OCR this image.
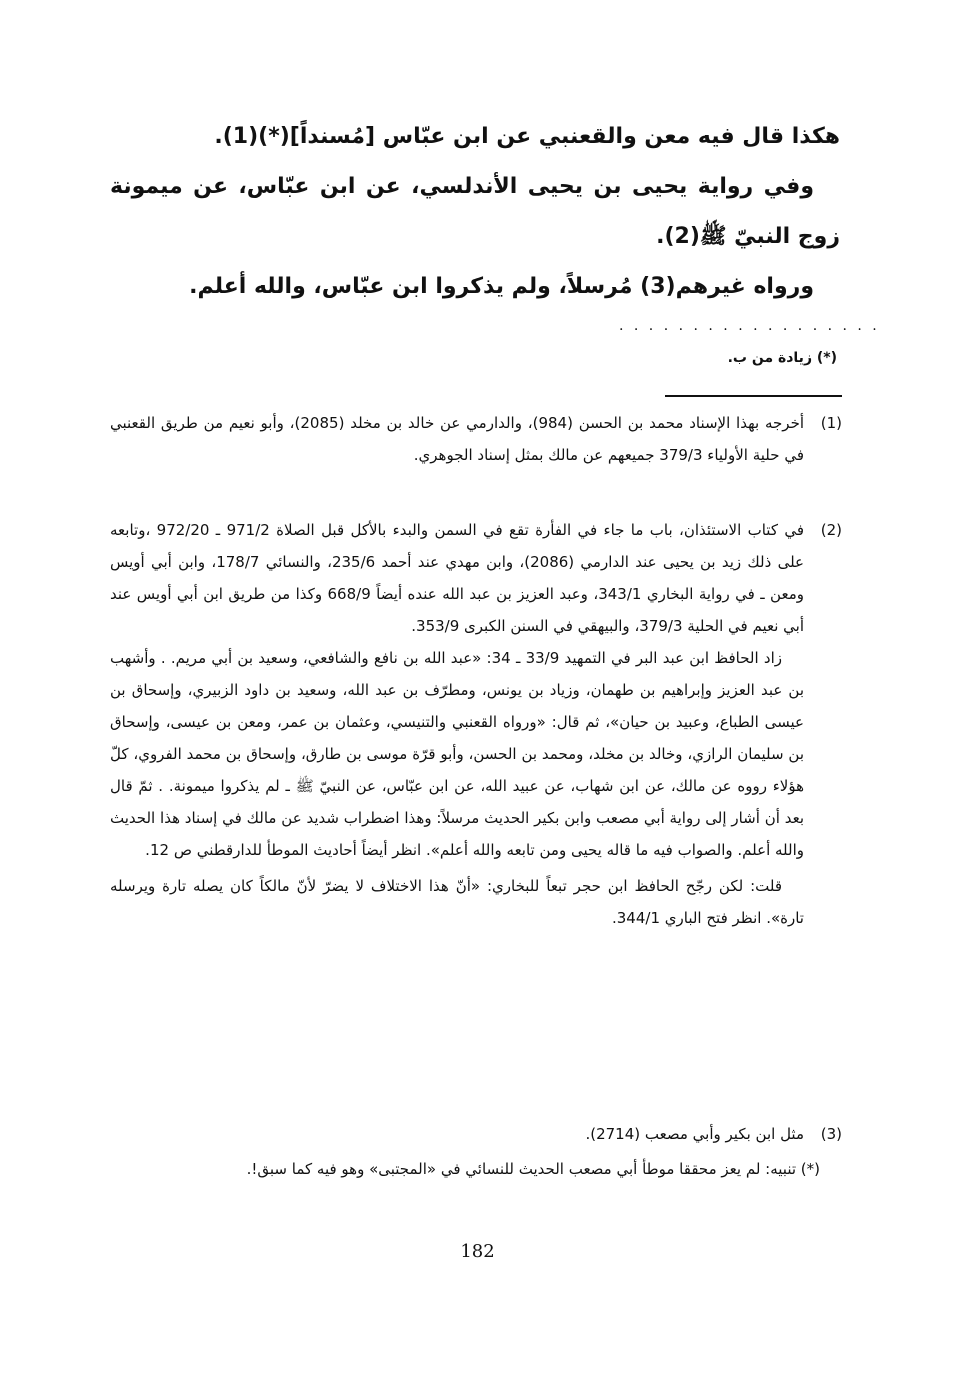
هكذا قال فيه معن والقعنبي عن ابن عبّاس [مُسنداً](*)(1).

وفي رواية يحيى بن يحيى الأندلسي، عن ابن عبّاس، عن ميمونة زوج النبيّ ﷺ(2).

ورواه غيرهم(3) مُرسلاً، ولم يذكروا ابن عبّاس، والله أعلم.

. . . . . . . . . . . . . . . . . .

(*) زيادة من ب.

(1)

أخرجه بهذا الإسناد محمد بن الحسن (984)، والدارمي عن خالد بن مخلد (2085)، وأبو نعيم من طريق القعنبي في حلية الأولياء 379/3 جميعهم عن مالك بمثل إسناد الجوهري.

(2)

في كتاب الاستئذان، باب ما جاء في الفأرة تقع في السمن والبدء بالأكل قبل الصلاة 971/2 ـ 972/20 ،وتابعه على ذلك زيد بن يحيى عند الدارمي (2086)، وابن مهدي عند أحمد 235/6، والنسائي 178/7، وابن أبي أويس ومعن ـ في رواية البخاري 343/1، وعبد العزيز بن عبد الله عنده أيضاً 668/9 وكذا من طريق ابن أبي أويس عند أبي نعيم في الحلية 379/3، والبيهقي في السنن الكبرى 353/9.

زاد الحافظ ابن عبد البر في التمهيد 33/9 ـ 34: «عبد الله بن نافع والشافعي، وسعيد بن أبي مريم. . وأشهب بن عبد العزيز وإبراهيم بن طهمان، وزياد بن يونس، ومطرّف بن عبد الله، وسعيد بن داود الزبيري، وإسحاق بن عيسى الطباع، وعبيد بن حيان»، ثم قال: «ورواه القعنبي والتنيسي، وعثمان بن عمر، ومعن بن عيسى، وإسحاق بن سليمان الرازي، وخالد بن مخلد، ومحمد بن الحسن، وأبو قرّة موسى بن طارق، وإسحاق بن محمد الفروي، كلّ هؤلاء رووه عن مالك، عن ابن شهاب، عن عبيد الله، عن ابن عبّاس، عن النبيّ ﷺ ـ لم يذكروا ميمونة. . ثمّ قال بعد أن أشار إلى رواية أبي مصعب وابن بكير الحديث مرسلاً: وهذا اضطراب شديد عن مالك في إسناد هذا الحديث والله أعلم. والصواب فيه ما قاله يحيى ومن تابعه والله أعلم». انظر أيضاً أحاديث الموطأ للدارقطني ص 12.

قلت: لكن رجّح الحافظ ابن حجر تبعاً للبخاري: «أنّ هذا الاختلاف لا يضرّ لأنّ مالكاً كان يصله تارة ويرسله تارة». انظر فتح الباري 344/1.

(3)

مثل ابن بكير وأبي مصعب (2714).

(*) تنبيه: لم يعز محققا موطأ أبي مصعب الحديث للنسائي في «المجتبى» وهو فيه كما سبق!.

182
